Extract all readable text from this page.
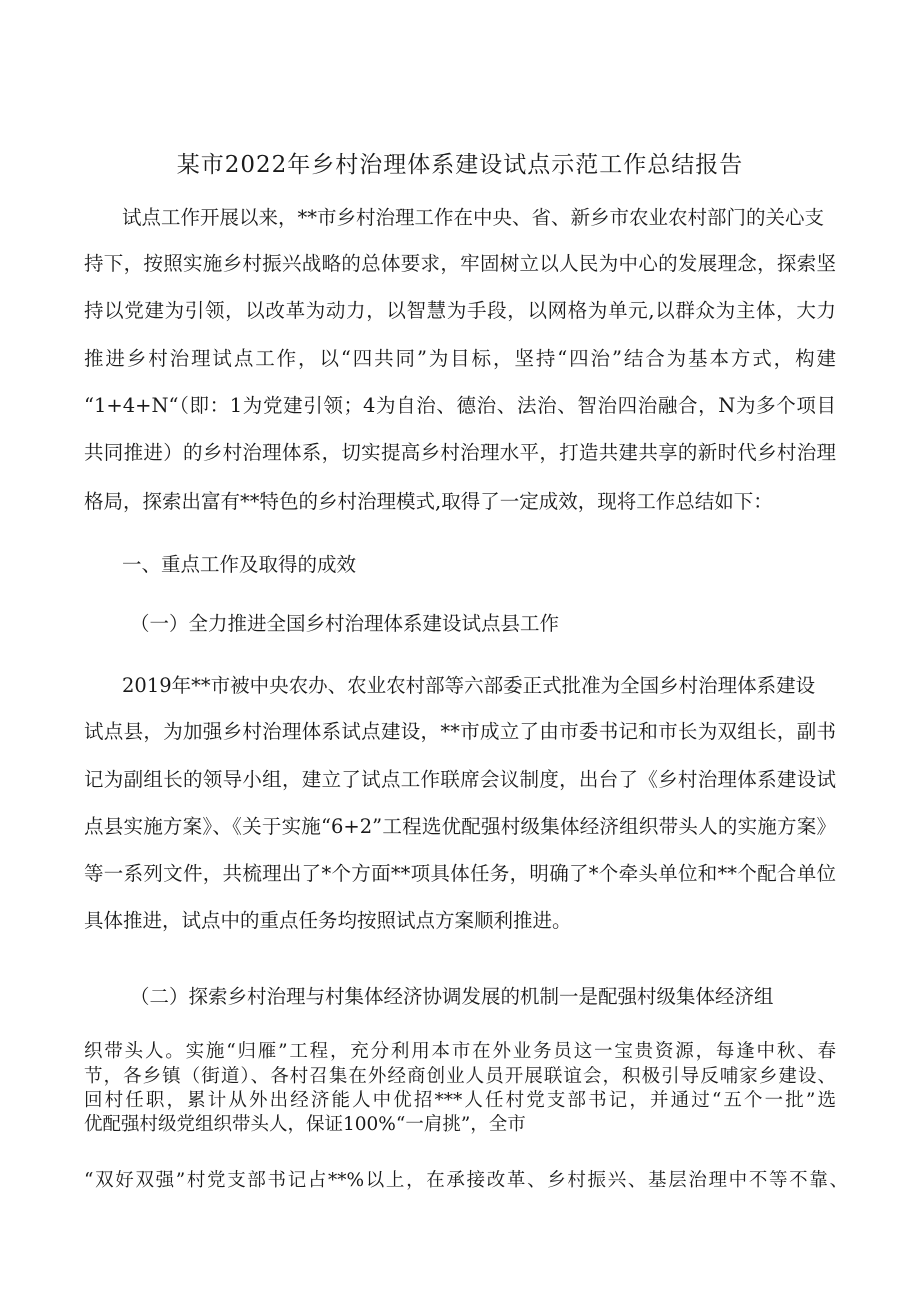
某市2022年乡村治理体系建设试点示范工作总结报告
试点工作开展以来，**市乡村治理工作在中央、省、新乡市农业农村部门的关心支
持下，按照实施乡村振兴战略的总体要求，牢固树立以人民为中心的发展理念，探索坚
持以党建为引领，以改革为动力，以智慧为手段，以网格为单元,以群众为主体，大力
推进乡村治理试点工作，以“四共同”为目标，坚持“四治”结合为基本方式，构建
“1+4+N“（即：1为党建引领；4为自治、德治、法治、智治四治融合，N为多个项目
共同推进）的乡村治理体系，切实提高乡村治理水平，打造共建共享的新时代乡村治理
格局，探索出富有**特色的乡村治理模式,取得了一定成效，现将工作总结如下：
一、重点工作及取得的成效
（一）全力推进全国乡村治理体系建设试点县工作
2019年**市被中央农办、农业农村部等六部委正式批准为全国乡村治理体系建设
试点县，为加强乡村治理体系试点建设，**市成立了由市委书记和市长为双组长，副书
记为副组长的领导小组，建立了试点工作联席会议制度，出台了《乡村治理体系建设试
点县实施方案》、《关于实施“6+2”工程选优配强村级集体经济组织带头人的实施方案》
等一系列文件，共梳理出了*个方面**项具体任务，明确了*个牵头单位和**个配合单位
具体推进，试点中的重点任务均按照试点方案顺利推进。
（二）探索乡村治理与村集体经济协调发展的机制一是配强村级集体经济组
织带头人。实施“归雁”工程，充分利用本市在外业务员这一宝贵资源，每逢中秋、春
节，各乡镇（街道）、各村召集在外经商创业人员开展联谊会，积极引导反哺家乡建设、
回村任职，累计从外出经济能人中优招***人任村党支部书记，并通过“五个一批”选
优配强村级党组织带头人，保证100%“一肩挑”，全市
“双好双强”村党支部书记占**%以上，在承接改革、乡村振兴、基层治理中不等不靠、
